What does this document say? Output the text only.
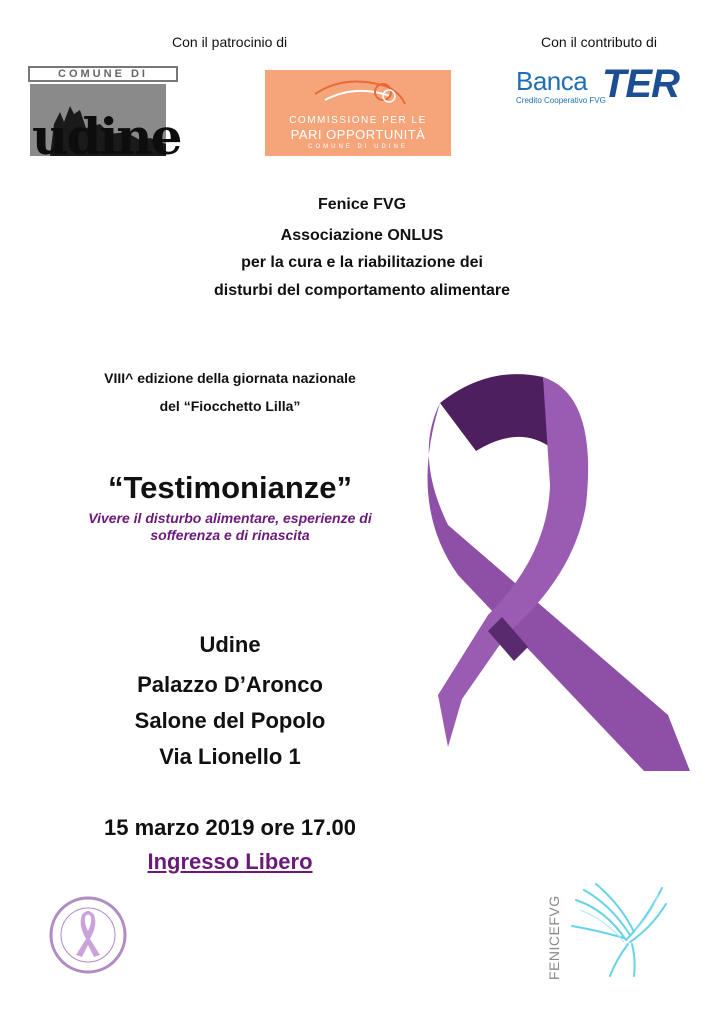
Con il patrocinio di	Con il contributo di
COMUNE DI
udine	COMMISSIONE PER LE
PARI OPPORTUNITÀ
COMUNE DI UDINE
Banca TER
Credito Cooperativo FVG
Fenice FVG
Associazione ONLUS
per la cura e la riabilitazione dei
disturbi del comportamento alimentare
VIII^ edizione della giornata nazionale
del “Fiocchetto Lilla”
“Testimonianze”
Vivere il disturbo alimentare, esperienze di
sofferenza e di rinascita
Udine
Palazzo D’Aronco
Salone del Popolo
Via Lionello 1
15 marzo 2019 ore 17.00
Ingresso Libero
FENICEFVG
